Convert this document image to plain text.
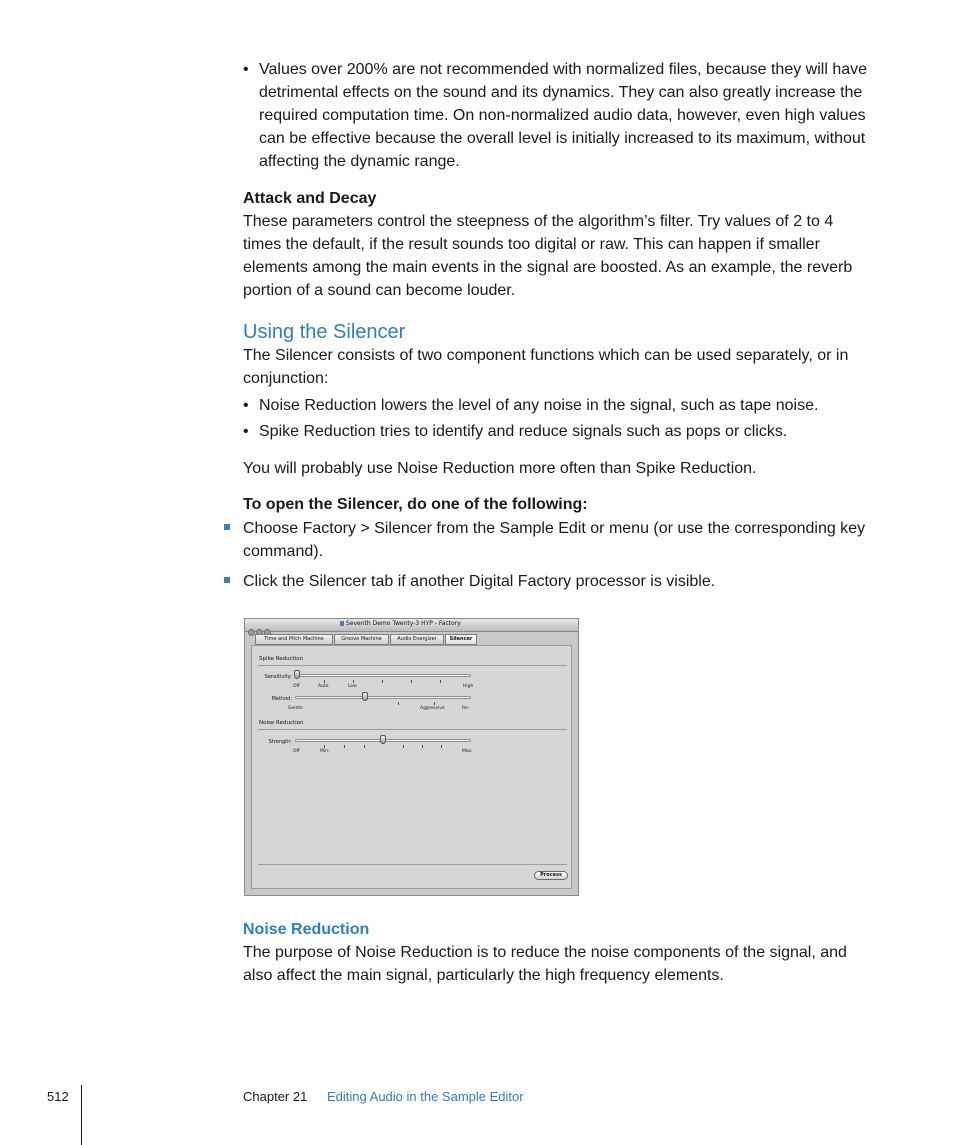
• Values over 200% are not recommended with normalized files, because they will have detrimental effects on the sound and its dynamics. They can also greatly increase the required computation time. On non-normalized audio data, however, even high values can be effective because the overall level is initially increased to its maximum, without affecting the dynamic range.
Attack and Decay
These parameters control the steepness of the algorithm’s filter. Try values of 2 to 4 times the default, if the result sounds too digital or raw. This can happen if smaller elements among the main events in the signal are boosted. As an example, the reverb portion of a sound can become louder.
Using the Silencer
The Silencer consists of two component functions which can be used separately, or in conjunction:
• Noise Reduction lowers the level of any noise in the signal, such as tape noise.
• Spike Reduction tries to identify and reduce signals such as pops or clicks.
You will probably use Noise Reduction more often than Spike Reduction.
To open the Silencer, do one of the following:
Choose Factory > Silencer from the Sample Edit or menu (or use the corresponding key command).
Click the Silencer tab if another Digital Factory processor is visible.
Seventh Demo Twenty-3 HYP - Factory
Time and Pitch Machine	Groove Machine	Audio Energizer	Silencer
Spike Reduction
Sensitivity:
Off	Auto	Low	High
Method:
Gentle	Aggressive	Re-
Noise Reduction
Strength:
Off	Min.	Max.
Process
Noise Reduction
The purpose of Noise Reduction is to reduce the noise components of the signal, and also affect the main signal, particularly the high frequency elements.
512	Chapter 21 Editing Audio in the Sample Editor
